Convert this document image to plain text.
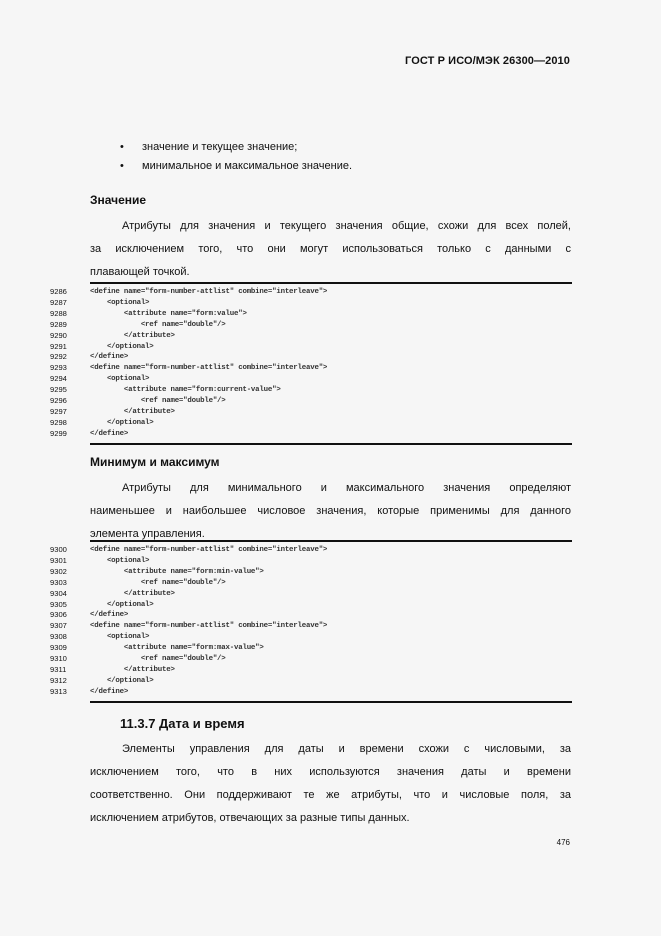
ГОСТ Р ИСО/МЭК 26300—2010
• значение и текущее значение;
• минимальное и максимальное значение.
Значение
Атрибуты для значения и текущего значения общие, схожи для всех полей,
за исключением того, что они могут использоваться только с данными с
плавающей точкой.
9286	<define name="form-number-attlist" combine="interleave">
9287	<optional>
9288	<attribute name="form:value">
9289	<ref name="double"/>
9290	</attribute>
9291	</optional>
9292	</define>
9293	<define name="form-number-attlist" combine="interleave">
9294	<optional>
9295	<attribute name="form:current-value">
9296	<ref name="double"/>
9297	</attribute>
9298	</optional>
9299	</define>
Минимум и максимум
Атрибуты для минимального и максимального значения определяют
наименьшее и наибольшее числовое значения, которые применимы для данного
элемента управления.
9300	<define name="form-number-attlist" combine="interleave">
9301	<optional>
9302	<attribute name="form:min-value">
9303	<ref name="double"/>
9304	</attribute>
9305	</optional>
9306	</define>
9307	<define name="form-number-attlist" combine="interleave">
9308	<optional>
9309	<attribute name="form:max-value">
9310	<ref name="double"/>
9311	</attribute>
9312	</optional>
9313	</define>
11.3.7 Дата и время
Элементы управления для даты и времени схожи с числовыми, за
исключением того, что в них используются значения даты и времени
соответственно. Они поддерживают те же атрибуты, что и числовые поля, за
исключением атрибутов, отвечающих за разные типы данных.
476
